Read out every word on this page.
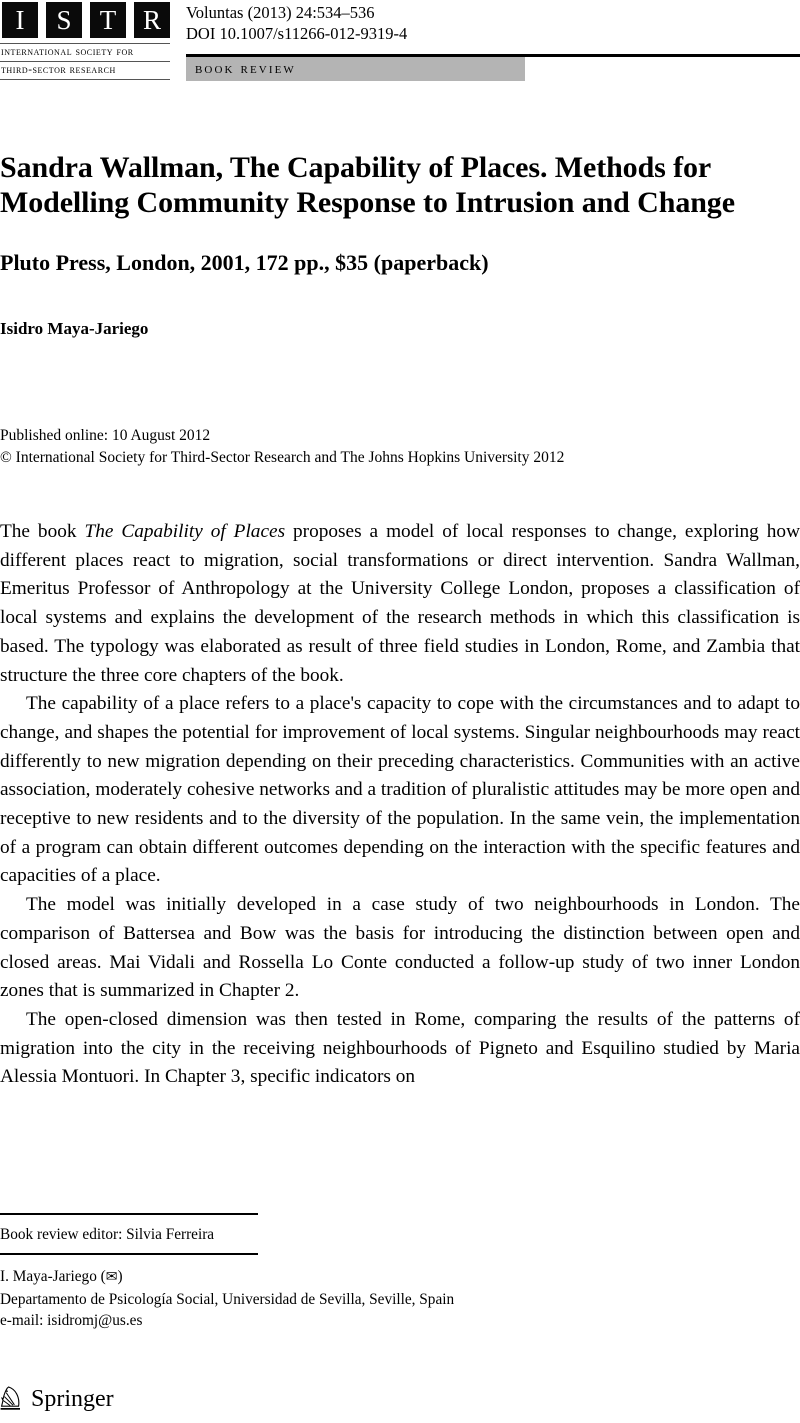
I	S	T R
international society for
third-sector research
Voluntas (2013) 24:534–536
DOI 10.1007/s11266-012-9319-4
book review
Sandra Wallman, The Capability of Places. Methods for Modelling Community Response to Intrusion and Change
Pluto Press, London, 2001, 172 pp., $35 (paperback)
Isidro Maya-Jariego
Published online: 10 August 2012
© International Society for Third-Sector Research and The Johns Hopkins University 2012

The book The Capability of Places proposes a model of local responses to change, exploring how different places react to migration, social transformations or direct intervention. Sandra Wallman, Emeritus Professor of Anthropology at the University College London, proposes a classification of local systems and explains the development of the research methods in which this classification is based. The typology was elaborated as result of three field studies in London, Rome, and Zambia that structure the three core chapters of the book.

The capability of a place refers to a place's capacity to cope with the circumstances and to adapt to change, and shapes the potential for improvement of local systems. Singular neighbourhoods may react differently to new migration depending on their preceding characteristics. Communities with an active association, moderately cohesive networks and a tradition of pluralistic attitudes may be more open and receptive to new residents and to the diversity of the population. In the same vein, the implementation of a program can obtain different outcomes depending on the interaction with the specific features and capacities of a place.

The model was initially developed in a case study of two neighbourhoods in London. The comparison of Battersea and Bow was the basis for introducing the distinction between open and closed areas. Mai Vidali and Rossella Lo Conte conducted a follow-up study of two inner London zones that is summarized in Chapter 2.

The open-closed dimension was then tested in Rome, comparing the results of the patterns of migration into the city in the receiving neighbourhoods of Pigneto and Esquilino studied by Maria Alessia Montuori. In Chapter 3, specific indicators on

Book review editor: Silvia Ferreira
I. Maya-Jariego (✉)
Departamento de Psicología Social, Universidad de Sevilla, Seville, Spain
e-mail: isidromj@us.es
Springer
